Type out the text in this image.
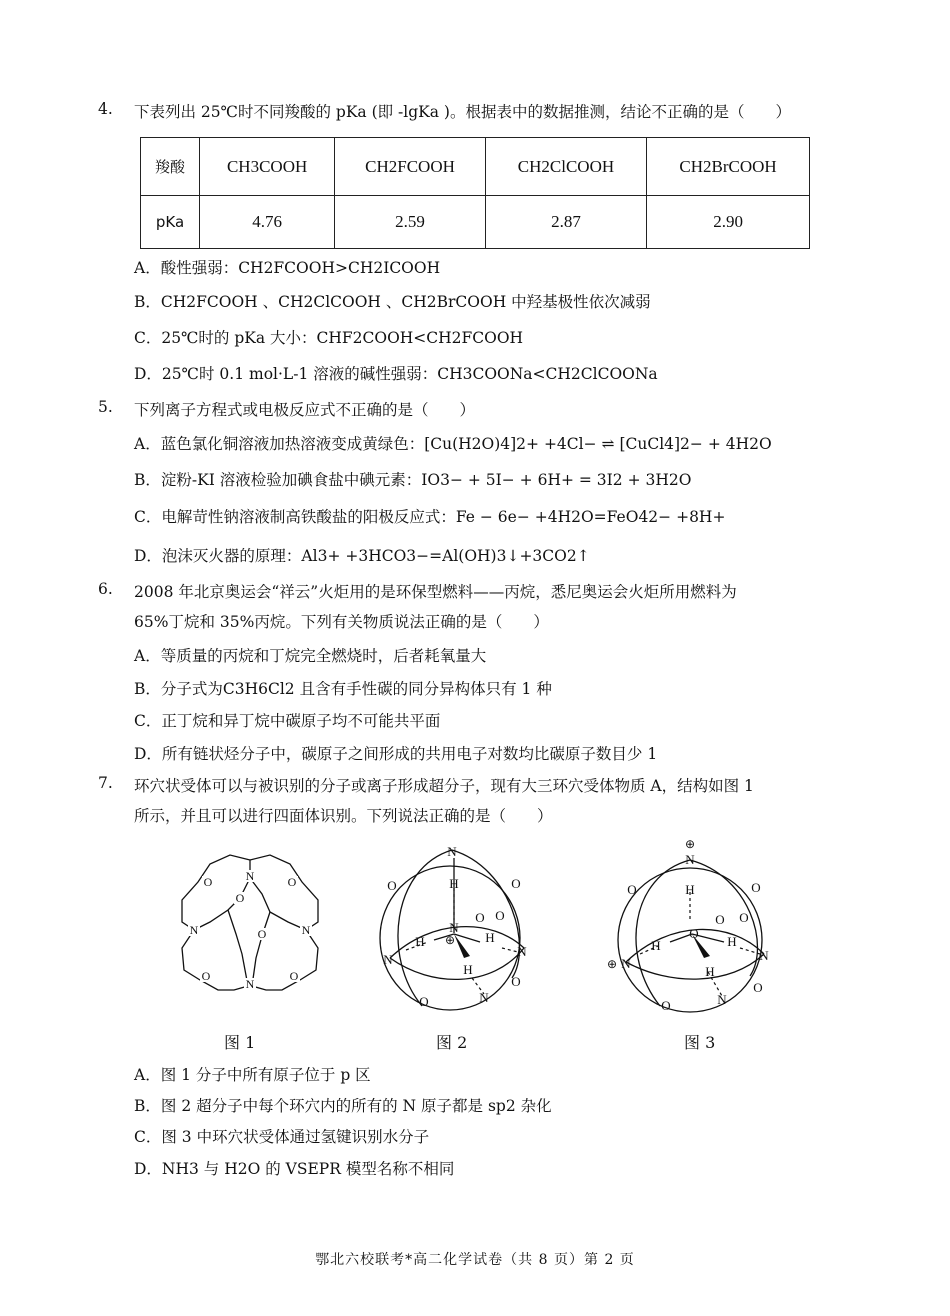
4.	下表列出 25℃时不同羧酸的 pKa (即 -lgKa )。根据表中的数据推测，结论不正确的是（　　）
羧酸	CH3COOH	CH2FCOOH	CH2ClCOOH	CH2BrCOOH
pKa	4.76	2.59	2.87	2.90
A．酸性强弱：CH2FCOOH>CH2ICOOH
B．CH2FCOOH 、CH2ClCOOH 、CH2BrCOOH 中羟基极性依次减弱
C．25℃时的 pKa 大小：CHF2COOH<CH2FCOOH
D．25℃时 0.1 mol·L-1 溶液的碱性强弱：CH3COONa<CH2ClCOONa
5.	下列离子方程式或电极反应式不正确的是（　　）
A．蓝色氯化铜溶液加热溶液变成黄绿色：[Cu(H2O)4]2+ +4Cl− ⇌ [CuCl4]2− + 4H2O
B．淀粉-KI 溶液检验加碘食盐中碘元素：IO3− + 5I− + 6H+ = 3I2 + 3H2O
C．电解苛性钠溶液制高铁酸盐的阳极反应式：Fe − 6e− +4H2O=FeO42− +8H+
D．泡沫灭火器的原理：Al3+ +3HCO3−=Al(OH)3↓+3CO2↑
6.	2008 年北京奥运会“祥云”火炬用的是环保型燃料——丙烷，悉尼奥运会火炬所用燃料为
65%丁烷和 35%丙烷。下列有关物质说法正确的是（　　）
A．等质量的丙烷和丁烷完全燃烧时，后者耗氧量大
B．分子式为C3H6Cl2 且含有手性碳的同分异构体只有 1 种
C．正丁烷和异丁烷中碳原子均不可能共平面
D．所有链状烃分子中，碳原子之间形成的共用电子对数均比碳原子数目少 1
7.	环穴状受体可以与被识别的分子或离子形成超分子，现有大三环穴受体物质 A，结构如图 1
所示，并且可以进行四面体识别。下列说法正确的是（　　）
O	N	O
O
N	N
O
O
N
O
N
O	O
H
O O
N
⊕
H	H
N
N
H
O
O	N
⊕
N
O	O
H
O
O
O
H	H
⊕ N
N
H
O
O	N
图 1	图 2	图 3
A．图 1 分子中所有原子位于 p 区
B．图 2 超分子中每个环穴内的所有的 N 原子都是 sp2 杂化
C．图 3 中环穴状受体通过氢键识别水分子
D．NH3 与 H2O 的 VSEPR 模型名称不相同
鄂北六校联考*高二化学试卷（共 8 页）第 2 页
